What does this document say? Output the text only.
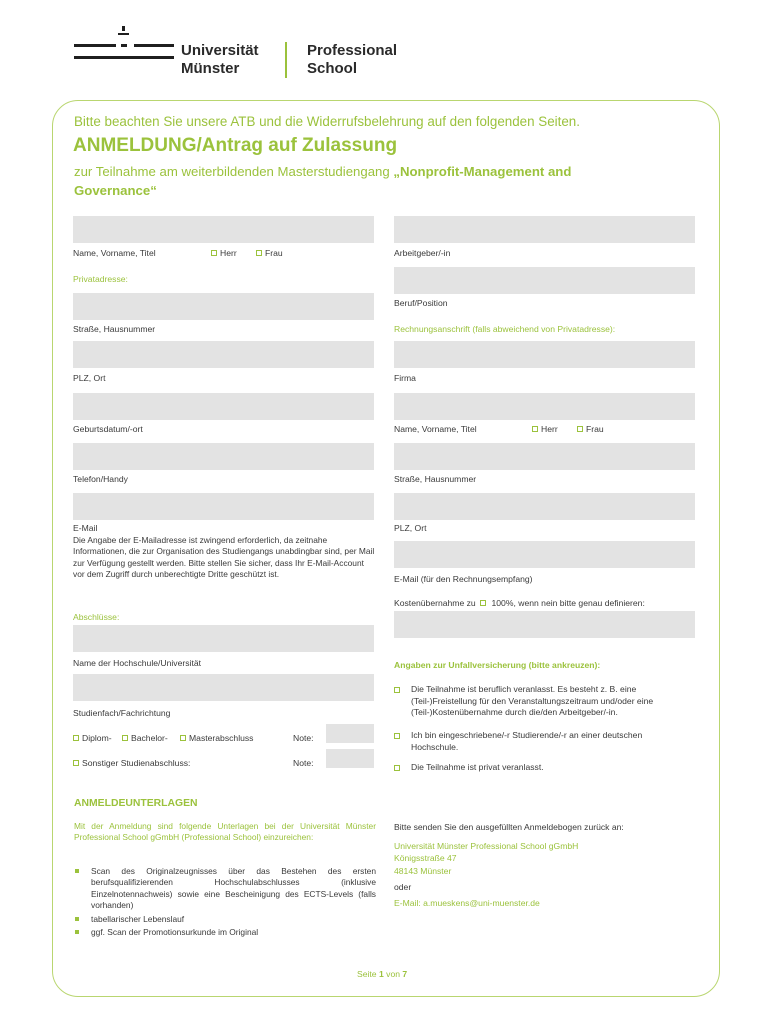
Universität
Münster
Professional
School
Bitte beachten Sie unsere ATB und die Widerrufsbelehrung auf den folgenden Seiten.
ANMELDUNG/Antrag auf Zulassung
zur Teilnahme am weiterbildenden Masterstudiengang „Nonprofit-Management and
Governance“
Name, Vorname, Titel	Herr	Frau
Privatadresse:
Straße, Hausnummer
PLZ, Ort
Geburtsdatum/-ort
Telefon/Handy
E-Mail
Die Angabe der E-Mailadresse ist zwingend erforderlich, da zeitnahe Informationen, die zur Organisation des Studiengangs unabdingbar sind, per Mail zur Verfügung gestellt werden. Bitte stellen Sie sicher, dass Ihr E-Mail-Account vor dem Zugriff durch unberechtigte Dritte geschützt ist.
Abschlüsse:
Name der Hochschule/Universität
Studienfach/Fachrichtung
Diplom-	Bachelor-	Masterabschluss	Note:
Sonstiger Studienabschluss:	Note:
Arbeitgeber/-in
Beruf/Position
Rechnungsanschrift (falls abweichend von Privatadresse):
Firma
Name, Vorname, Titel	Herr	Frau
Straße, Hausnummer
PLZ, Ort
E-Mail (für den Rechnungsempfang)
Kostenübernahme zu 100%, wenn nein bitte genau definieren:
Angaben zur Unfallversicherung (bitte ankreuzen):
Die Teilnahme ist beruflich veranlasst. Es besteht z. B. eine (Teil-)Freistellung für den Veranstaltungszeitraum und/oder eine (Teil-)Kostenübernahme durch die/den Arbeitgeber/-in.
Ich bin eingeschriebene/-r Studierende/-r an einer deutschen Hochschule.
Die Teilnahme ist privat veranlasst.
ANMELDEUNTERLAGEN
Mit der Anmeldung sind folgende Unterlagen bei der Universität Münster Professional School gGmbH (Professional School) einzureichen:
Scan des Originalzeugnisses über das Bestehen des ersten berufsqualifizierenden Hochschulabschlusses (inklusive Einzelnotennachweis) sowie eine Bescheinigung des ECTS-Levels (falls vorhanden)
tabellarischer Lebenslauf
ggf. Scan der Promotionsurkunde im Original
Bitte senden Sie den ausgefüllten Anmeldebogen zurück an:
Universität Münster Professional School gGmbH
Königsstraße 47
48143 Münster
oder
E-Mail: a.mueskens@uni-muenster.de
Seite 1 von 7
